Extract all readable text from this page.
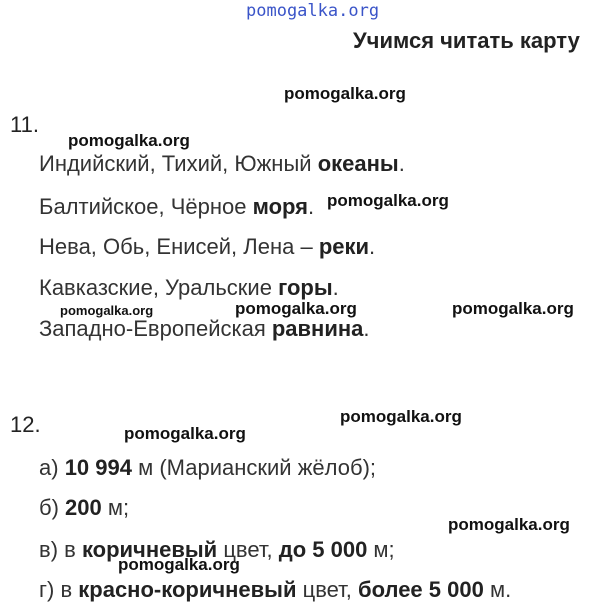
pomogalka.org
Учимся читать карту
11.
Индийский, Тихий, Южный океаны.
Балтийское, Чёрное моря.
Нева, Обь, Енисей, Лена – реки.
Кавказские, Уральские горы.
Западно-Европейская равнина.
12.
а) 10 994 м (Марианский жёлоб);
б) 200 м;
в) в коричневый цвет, до 5 000 м;
г) в красно-коричневый цвет, более 5 000 м.
pomogalka.org
pomogalka.org
pomogalka.org
pomogalka.org	pomogalka.org	pomogalka.org
pomogalka.org
pomogalka.org
pomogalka.org
pomogalka.org
